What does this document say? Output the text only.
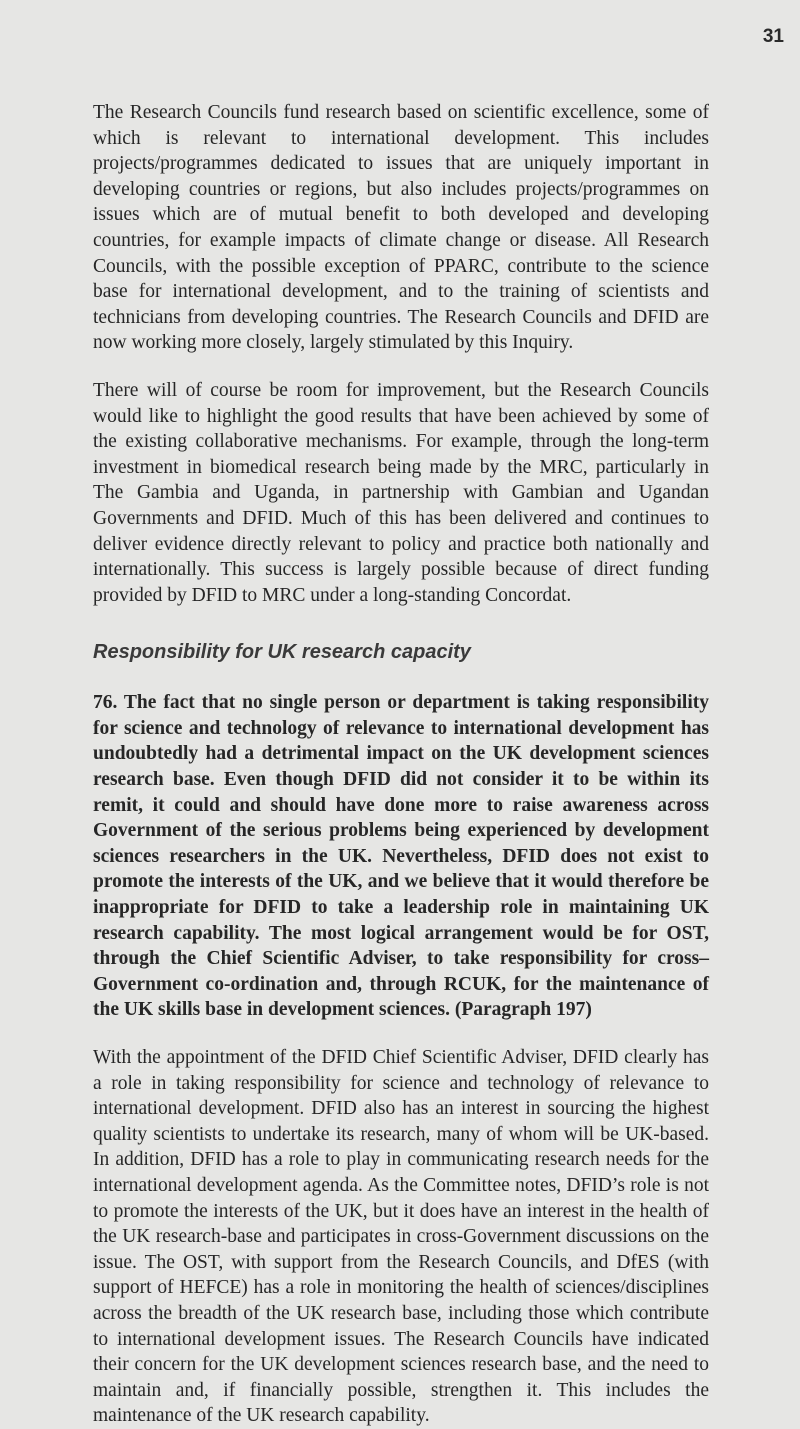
31

The Research Councils fund research based on scientific excellence, some of which is relevant to international development. This includes projects/programmes dedicated to issues that are uniquely important in developing countries or regions, but also includes projects/programmes on issues which are of mutual benefit to both developed and developing countries, for example impacts of climate change or disease. All Research Councils, with the possible exception of PPARC, contribute to the science base for international development, and to the training of scientists and technicians from developing countries. The Research Councils and DFID are now working more closely, largely stimulated by this Inquiry.

There will of course be room for improvement, but the Research Councils would like to highlight the good results that have been achieved by some of the existing collaborative mechanisms. For example, through the long-term investment in biomedical research being made by the MRC, particularly in The Gambia and Uganda, in partnership with Gambian and Ugandan Governments and DFID. Much of this has been delivered and continues to deliver evidence directly relevant to policy and practice both nationally and internationally. This success is largely possible because of direct funding provided by DFID to MRC under a long-standing Concordat.

Responsibility for UK research capacity

76. The fact that no single person or department is taking responsibility for science and technology of relevance to international development has undoubtedly had a detrimental impact on the UK development sciences research base. Even though DFID did not consider it to be within its remit, it could and should have done more to raise awareness across Government of the serious problems being experienced by development sciences researchers in the UK. Nevertheless, DFID does not exist to promote the interests of the UK, and we believe that it would therefore be inappropriate for DFID to take a leadership role in maintaining UK research capability. The most logical arrangement would be for OST, through the Chief Scientific Adviser, to take responsibility for cross–Government co-ordination and, through RCUK, for the maintenance of the UK skills base in development sciences. (Paragraph 197)

With the appointment of the DFID Chief Scientific Adviser, DFID clearly has a role in taking responsibility for science and technology of relevance to international development. DFID also has an interest in sourcing the highest quality scientists to undertake its research, many of whom will be UK-based. In addition, DFID has a role to play in communicating research needs for the international development agenda. As the Committee notes, DFID’s role is not to promote the interests of the UK, but it does have an interest in the health of the UK research-base and participates in cross-Government discussions on the issue. The OST, with support from the Research Councils, and DfES (with support of HEFCE) has a role in monitoring the health of sciences/disciplines across the breadth of the UK research base, including those which contribute to international development issues. The Research Councils have indicated their concern for the UK development sciences research base, and the need to maintain and, if financially possible, strengthen it. This includes the maintenance of the UK research capability.
